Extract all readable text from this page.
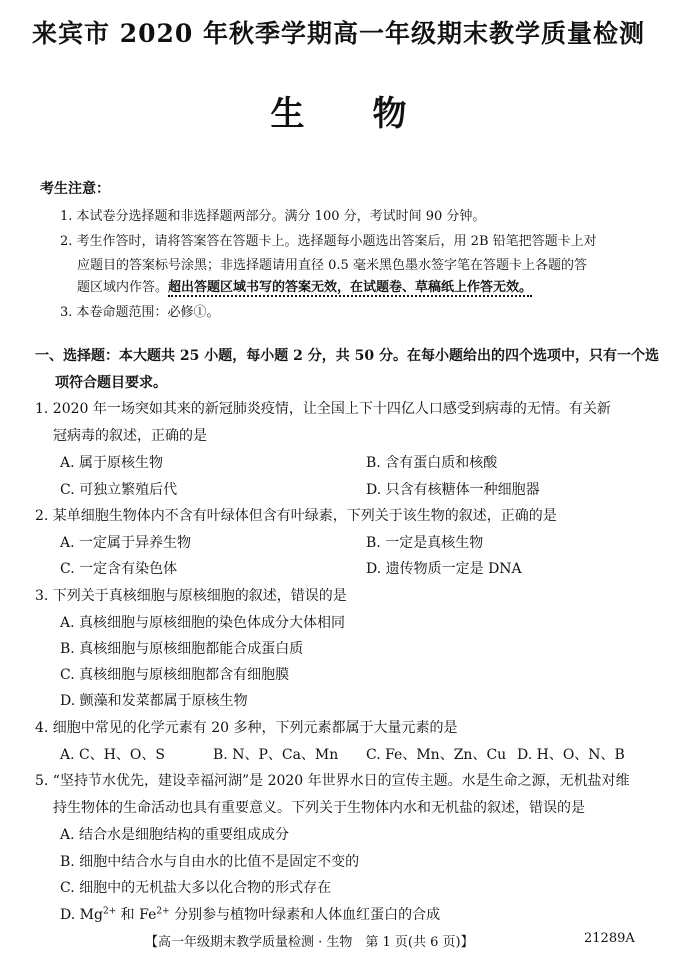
来宾市 2020 年秋季学期高一年级期末教学质量检测
生　　物
考生注意：
1. 本试卷分选择题和非选择题两部分。满分 100 分，考试时间 90 分钟。
2. 考生作答时，请将答案答在答题卡上。选择题每小题选出答案后，用 2B 铅笔把答题卡上对
应题目的答案标号涂黑；非选择题请用直径 0.5 毫米黑色墨水签字笔在答题卡上各题的答
题区域内作答。超出答题区域书写的答案无效，在试题卷、草稿纸上作答无效。
3. 本卷命题范围：必修①。
一、选择题：本大题共 25 小题，每小题 2 分，共 50 分。在每小题给出的四个选项中，只有一个选
项符合题目要求。
1. 2020 年一场突如其来的新冠肺炎疫情，让全国上下十四亿人口感受到病毒的无情。有关新
冠病毒的叙述，正确的是
A. 属于原核生物	B. 含有蛋白质和核酸
C. 可独立繁殖后代	D. 只含有核糖体一种细胞器
2. 某单细胞生物体内不含有叶绿体但含有叶绿素，下列关于该生物的叙述，正确的是
A. 一定属于异养生物	B. 一定是真核生物
C. 一定含有染色体	D. 遗传物质一定是 DNA
3. 下列关于真核细胞与原核细胞的叙述，错误的是
A. 真核细胞与原核细胞的染色体成分大体相同
B. 真核细胞与原核细胞都能合成蛋白质
C. 真核细胞与原核细胞都含有细胞膜
D. 颤藻和发菜都属于原核生物
4. 细胞中常见的化学元素有 20 多种，下列元素都属于大量元素的是
A. C、H、O、S	B. N、P、Ca、Mn C. Fe、Mn、Zn、Cu D. H、O、N、B
5. “坚持节水优先，建设幸福河湖”是 2020 年世界水日的宣传主题。水是生命之源，无机盐对维
持生物体的生命活动也具有重要意义。下列关于生物体内水和无机盐的叙述，错误的是
A. 结合水是细胞结构的重要组成成分
B. 细胞中结合水与自由水的比值不是固定不变的
C. 细胞中的无机盐大多以化合物的形式存在
D. $Mg^{2+}$ 和 $Fe^{2+}$ 分别参与植物叶绿素和人体血红蛋白的合成
【高一年级期末教学质量检测 · 生物　第 1 页(共 6 页)】	21289A
